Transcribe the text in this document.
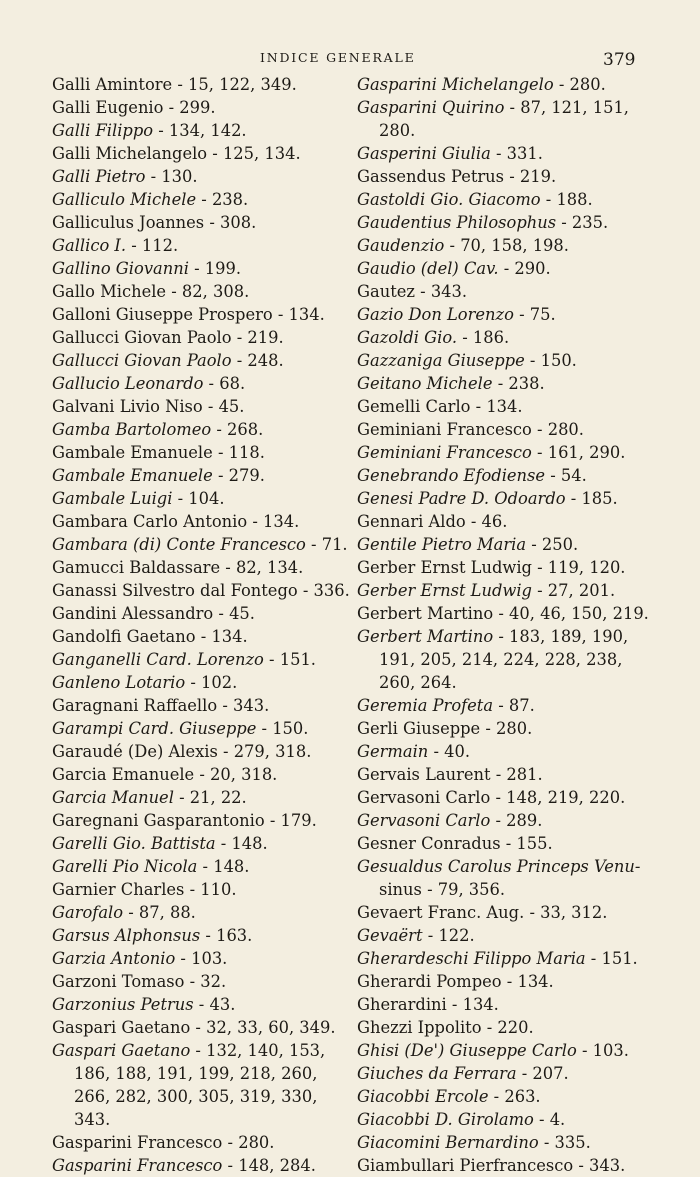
INDICE GENERALE	379
Galli Amintore - 15, 122, 349.
Galli Eugenio - 299.
Galli Filippo - 134, 142.
Galli Michelangelo - 125, 134.
Galli Pietro - 130.
Galliculo Michele - 238.
Galliculus Joannes - 308.
Gallico I. - 112.
Gallino Giovanni - 199.
Gallo Michele - 82, 308.
Galloni Giuseppe Prospero - 134.
Gallucci Giovan Paolo - 219.
Gallucci Giovan Paolo - 248.
Gallucio Leonardo - 68.
Galvani Livio Niso - 45.
Gamba Bartolomeo - 268.
Gambale Emanuele - 118.
Gambale Emanuele - 279.
Gambale Luigi - 104.
Gambara Carlo Antonio - 134.
Gambara (di) Conte Francesco - 71.
Gamucci Baldassare - 82, 134.
Ganassi Silvestro dal Fontego - 336.
Gandini Alessandro - 45.
Gandolfi Gaetano - 134.
Ganganelli Card. Lorenzo - 151.
Ganleno Lotario - 102.
Garagnani Raffaello - 343.
Garampi Card. Giuseppe - 150.
Garaudé (De) Alexis - 279, 318.
Garcia Emanuele - 20, 318.
Garcia Manuel - 21, 22.
Garegnani Gasparantonio - 179.
Garelli Gio. Battista - 148.
Garelli Pio Nicola - 148.
Garnier Charles - 110.
Garofalo - 87, 88.
Garsus Alphonsus - 163.
Garzia Antonio - 103.
Garzoni Tomaso - 32.
Garzonius Petrus - 43.
Gaspari Gaetano - 32, 33, 60, 349.
Gaspari Gaetano - 132, 140, 153,
186, 188, 191, 199, 218, 260,
266, 282, 300, 305, 319, 330,
343.
Gasparini Francesco - 280.
Gasparini Francesco - 148, 284.
Gasparini Michelangelo - 280.
Gasparini Quirino - 87, 121, 151,
280.
Gasperini Giulia - 331.
Gassendus Petrus - 219.
Gastoldi Gio. Giacomo - 188.
Gaudentius Philosophus - 235.
Gaudenzio - 70, 158, 198.
Gaudio (del) Cav. - 290.
Gautez - 343.
Gazio Don Lorenzo - 75.
Gazoldi Gio. - 186.
Gazzaniga Giuseppe - 150.
Geitano Michele - 238.
Gemelli Carlo - 134.
Geminiani Francesco - 280.
Geminiani Francesco - 161, 290.
Genebrando Efodiense - 54.
Genesi Padre D. Odoardo - 185.
Gennari Aldo - 46.
Gentile Pietro Maria - 250.
Gerber Ernst Ludwig - 119, 120.
Gerber Ernst Ludwig - 27, 201.
Gerbert Martino - 40, 46, 150, 219.
Gerbert Martino - 183, 189, 190,
191, 205, 214, 224, 228, 238,
260, 264.
Geremia Profeta - 87.
Gerli Giuseppe - 280.
Germain - 40.
Gervais Laurent - 281.
Gervasoni Carlo - 148, 219, 220.
Gervasoni Carlo - 289.
Gesner Conradus - 155.
Gesualdus Carolus Princeps Venu-
sinus - 79, 356.
Gevaert Franc. Aug. - 33, 312.
Gevaërt - 122.
Gherardeschi Filippo Maria - 151.
Gherardi Pompeo - 134.
Gherardini - 134.
Ghezzi Ippolito - 220.
Ghisi (De') Giuseppe Carlo - 103.
Giuches da Ferrara - 207.
Giacobbi Ercole - 263.
Giacobbi D. Girolamo - 4.
Giacomini Bernardino - 335.
Giambullari Pierfrancesco - 343.
